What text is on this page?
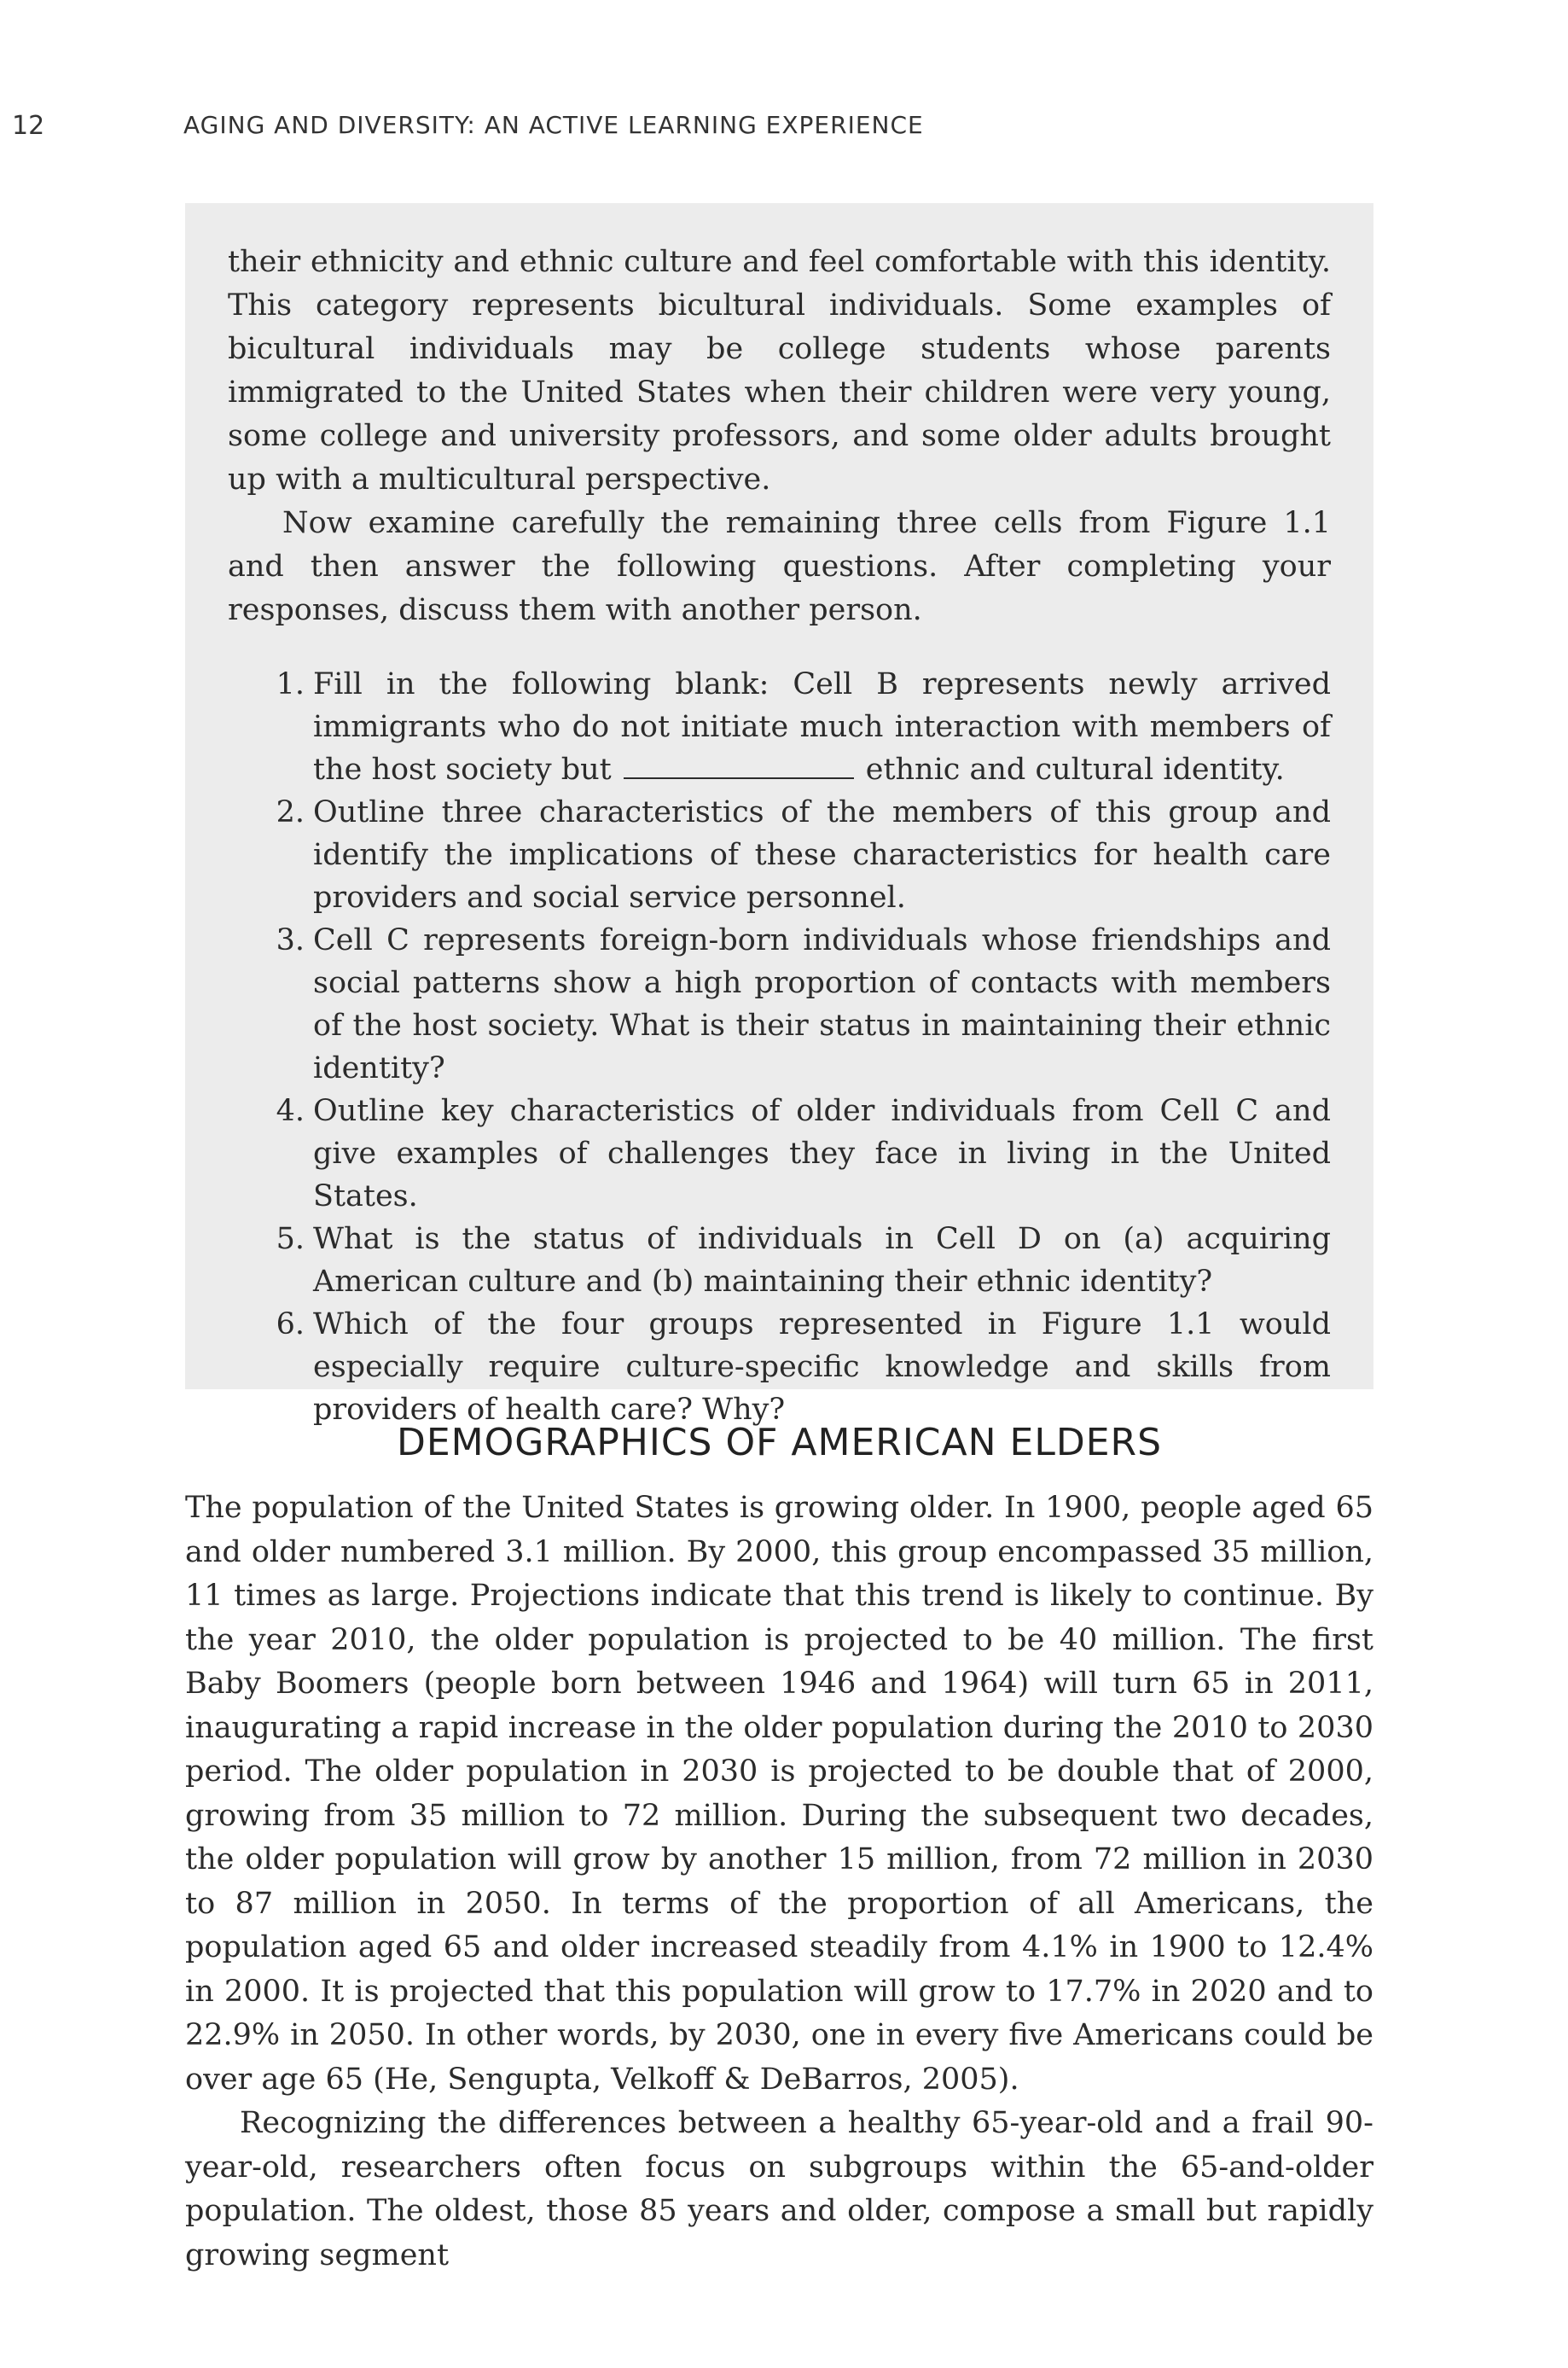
12	AGING AND DIVERSITY: AN ACTIVE LEARNING EXPERIENCE

their ethnicity and ethnic culture and feel comfortable with this identity. This category represents bicultural individuals. Some examples of bicultural individuals may be college students whose parents immigrated to the United States when their children were very young, some college and university professors, and some older adults brought up with a multicultural perspective.

Now examine carefully the remaining three cells from Figure 1.1 and then answer the following questions. After completing your responses, discuss them with another person.

1. Fill in the following blank: Cell B represents newly arrived immigrants who do not initiate much interaction with members of the host society but	ethnic and cultural identity.
2. Outline three characteristics of the members of this group and identify the implications of these characteristics for health care providers and social service personnel.
3. Cell C represents foreign-born individuals whose friendships and social patterns show a high proportion of contacts with members of the host society. What is their status in maintaining their ethnic identity?
4. Outline key characteristics of older individuals from Cell C and give examples of challenges they face in living in the United States.
5. What is the status of individuals in Cell D on (a) acquiring American culture and (b) maintaining their ethnic identity?
6. Which of the four groups represented in Figure 1.1 would especially require culture-specific knowledge and skills from providers of health care? Why?
DEMOGRAPHICS OF AMERICAN ELDERS

The population of the United States is growing older. In 1900, people aged 65 and older numbered 3.1 million. By 2000, this group encompassed 35 million, 11 times as large. Projections indicate that this trend is likely to continue. By the year 2010, the older population is projected to be 40 million. The first Baby Boomers (people born between 1946 and 1964) will turn 65 in 2011, inaugurating a rapid increase in the older population during the 2010 to 2030 period. The older population in 2030 is projected to be double that of 2000, growing from 35 million to 72 million. During the subsequent two decades, the older population will grow by another 15 million, from 72 million in 2030 to 87 million in 2050. In terms of the proportion of all Americans, the population aged 65 and older increased steadily from 4.1% in 1900 to 12.4% in 2000. It is projected that this population will grow to 17.7% in 2020 and to 22.9% in 2050. In other words, by 2030, one in every five Americans could be over age 65 (He, Sengupta, Velkoff & DeBarros, 2005).

Recognizing the differences between a healthy 65-year-old and a frail 90-year-old, researchers often focus on subgroups within the 65-and-older population. The oldest, those 85 years and older, compose a small but rapidly growing segment
